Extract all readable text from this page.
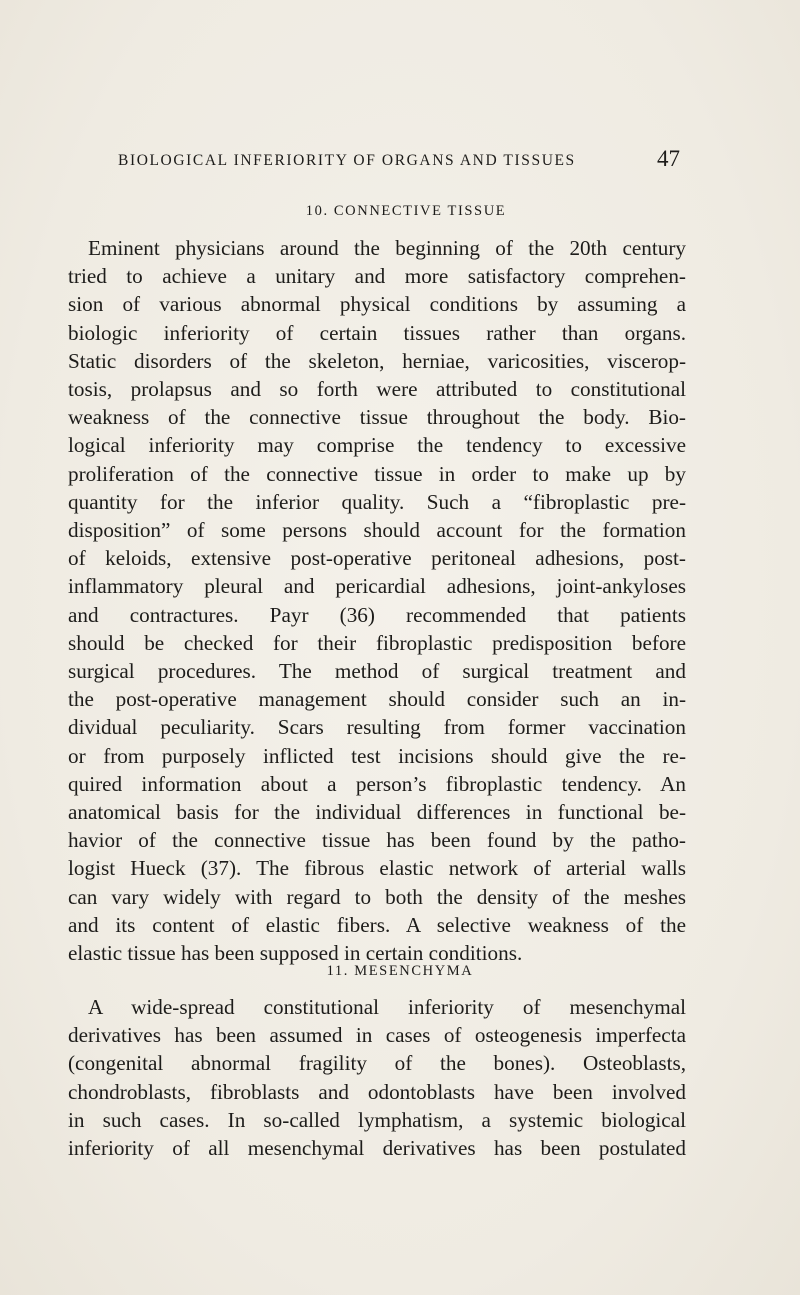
BIOLOGICAL INFERIORITY OF ORGANS AND TISSUES	47
10. CONNECTIVE TISSUE
Eminent physicians around the beginning of the 20th century
tried to achieve a unitary and more satisfactory comprehen-
sion of various abnormal physical conditions by assuming a
biologic inferiority of certain tissues rather than organs.
Static disorders of the skeleton, herniae, varicosities, viscerop-
tosis, prolapsus and so forth were attributed to constitutional
weakness of the connective tissue throughout the body. Bio-
logical inferiority may comprise the tendency to excessive
proliferation of the connective tissue in order to make up by
quantity for the inferior quality. Such a “fibroplastic pre-
disposition” of some persons should account for the formation
of keloids, extensive post-operative peritoneal adhesions, post-
inflammatory pleural and pericardial adhesions, joint-ankyloses
and contractures. Payr (36) recommended that patients
should be checked for their fibroplastic predisposition before
surgical procedures. The method of surgical treatment and
the post-operative management should consider such an in-
dividual peculiarity. Scars resulting from former vaccination
or from purposely inflicted test incisions should give the re-
quired information about a person’s fibroplastic tendency. An
anatomical basis for the individual differences in functional be-
havior of the connective tissue has been found by the patho-
logist Hueck (37). The fibrous elastic network of arterial walls
can vary widely with regard to both the density of the meshes
and its content of elastic fibers. A selective weakness of the
elastic tissue has been supposed in certain conditions.
11. MESENCHYMA
A wide-spread constitutional inferiority of mesenchymal
derivatives has been assumed in cases of osteogenesis imperfecta
(congenital abnormal fragility of the bones). Osteoblasts,
chondroblasts, fibroblasts and odontoblasts have been involved
in such cases. In so-called lymphatism, a systemic biological
inferiority of all mesenchymal derivatives has been postulated
